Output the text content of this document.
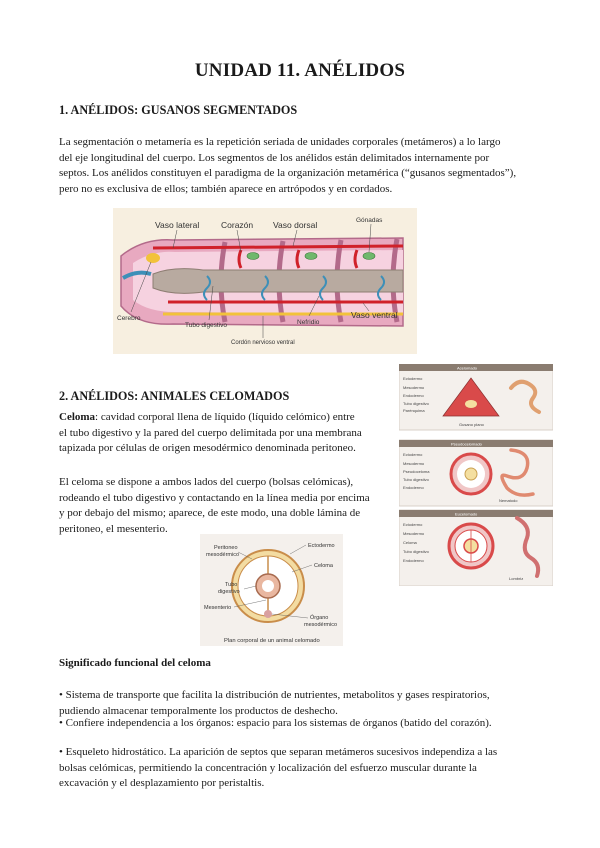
UNIDAD 11. ANÉLIDOS
1. ANÉLIDOS: GUSANOS SEGMENTADOS
La segmentación o metamería es la repetición seriada de unidades corporales (metámeros) a lo largo
del eje longitudinal del cuerpo. Los segmentos de los anélidos están delimitados internamente por
septos. Los anélidos constituyen el paradigma de la organización metamérica (“gusanos segmentados”),
pero no es exclusiva de ellos; también aparece en artrópodos y en cordados.
Vaso lateral	Corazón Vaso dorsal	Gónadas
Cerebro
Tubo digestivo	Nefridio
Vaso ventral
Cordón nervioso ventral
2. ANÉLIDOS: ANIMALES CELOMADOS
Celoma: cavidad corporal llena de líquido (líquido celómico) entre
el tubo digestivo y la pared del cuerpo delimitada por una membrana
tapizada por células de origen mesodérmico denominada peritoneo.
El celoma se dispone a ambos lados del cuerpo (bolsas celómicas),
rodeando el tubo digestivo y contactando en la línea media por encima
y por debajo del mismo; aparece, de este modo, una doble lámina de
peritoneo, el mesenterio.
Peritoneo
mesodérmico
Ectodermo
Celoma
Tubo
digestivo
Mesenterio
Órgano
mesodérmico
Plan corporal de un animal celomado
Acelomado
Ectodermo
Mesodermo
Endodermo
Tubo digestivo
Parénquima
Gusano plano
Pseudocelomado
Ectodermo
Mesodermo
Pseudoceloma
Tubo digestivo
Endodermo
Nematodo
Eucelomado
Ectodermo
Mesodermo
Celoma
Tubo digestivo
Endodermo
Lombriz
Significado funcional del celoma
• Sistema de transporte que facilita la distribución de nutrientes, metabolitos y gases respiratorios,
pudiendo almacenar temporalmente los productos de deshecho.
• Confiere independencia a los órganos: espacio para los sistemas de órganos (batido del corazón).
• Esqueleto hidrostático. La aparición de septos que separan metámeros sucesivos independiza a las
bolsas celómicas, permitiendo la concentración y localización del esfuerzo muscular durante la
excavación y el desplazamiento por peristaltis.
